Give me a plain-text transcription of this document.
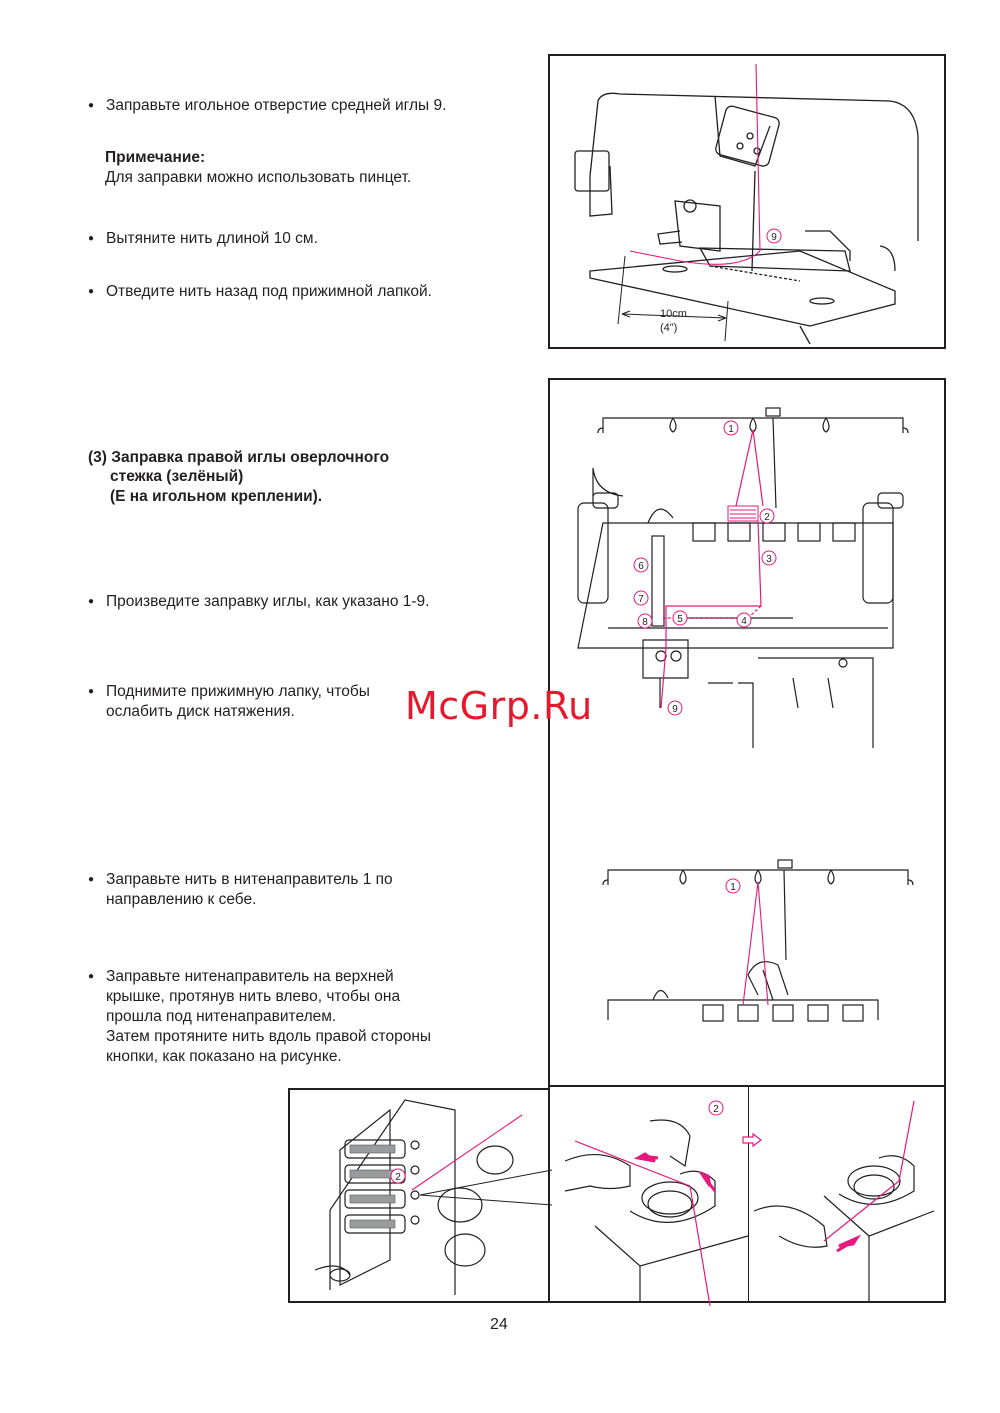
● Заправьте игольное отверстие средней иглы 9.
Примечание:
Для заправки можно использовать пинцет.
● Вытяните нить длиной 10 см.
● Отведите нить назад под прижимной лапкой.
9
10cm
(4")
(3) Заправка правой иглы оверлочного
стежка (зелёный)
(E на игольном креплении).
● Произведите заправку иглы, как указано 1-9.
● Поднимите прижимную лапку, чтобы
ослабить диск натяжения.
● Заправьте нить в нитенаправитель 1 по
направлению к себе.
● Заправьте нитенаправитель на верхней
крышке, протянув нить влево, чтобы она
прошла под нитенаправителем.
Затем протяните нить вдоль правой стороны
кнопки, как показано на рисунке.
1
2
3
4
5
6
7
8
9
1
2
2
McGrp.Ru
24
